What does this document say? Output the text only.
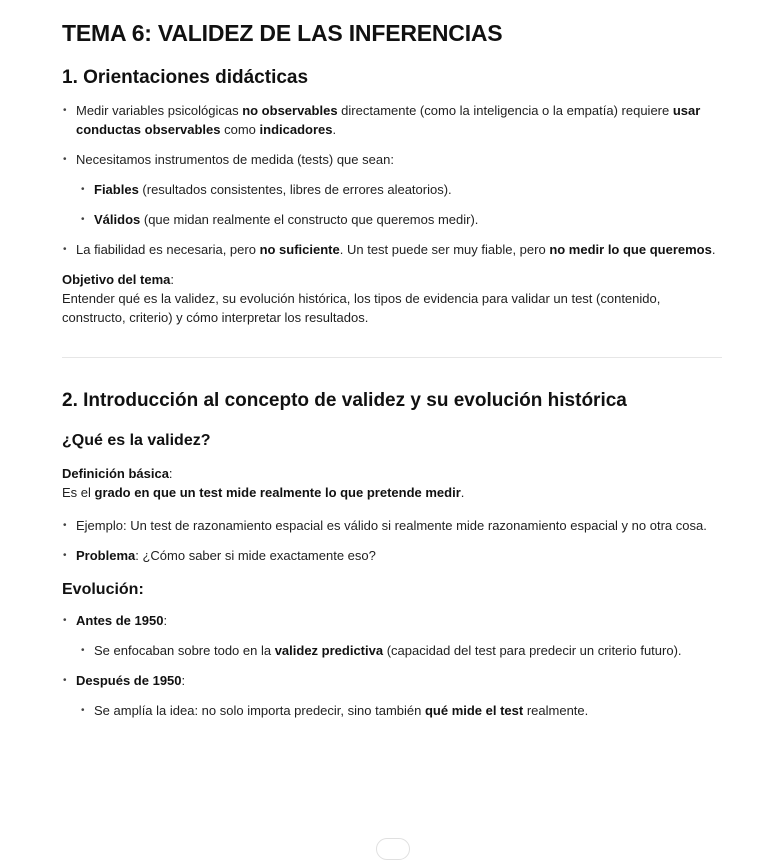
TEMA 6: VALIDEZ DE LAS INFERENCIAS
1. Orientaciones didácticas
• Medir variables psicológicas no observables directamente (como la inteligencia o la empatía) requiere usar conductas observables como indicadores.
• Necesitamos instrumentos de medida (tests) que sean:
• Fiables (resultados consistentes, libres de errores aleatorios).
• Válidos (que midan realmente el constructo que queremos medir).
• La fiabilidad es necesaria, pero no suficiente. Un test puede ser muy fiable, pero no medir lo que queremos.
Objetivo del tema:
Entender qué es la validez, su evolución histórica, los tipos de evidencia para validar un test (contenido, constructo, criterio) y cómo interpretar los resultados.
2. Introducción al concepto de validez y su evolución histórica
¿Qué es la validez?
Definición básica:
Es el grado en que un test mide realmente lo que pretende medir.
• Ejemplo: Un test de razonamiento espacial es válido si realmente mide razonamiento espacial y no otra cosa.
• Problema: ¿Cómo saber si mide exactamente eso?
Evolución:
• Antes de 1950:
• Se enfocaban sobre todo en la validez predictiva (capacidad del test para predecir un criterio futuro).
• Después de 1950:
• Se amplía la idea: no solo importa predecir, sino también qué mide el test realmente.
